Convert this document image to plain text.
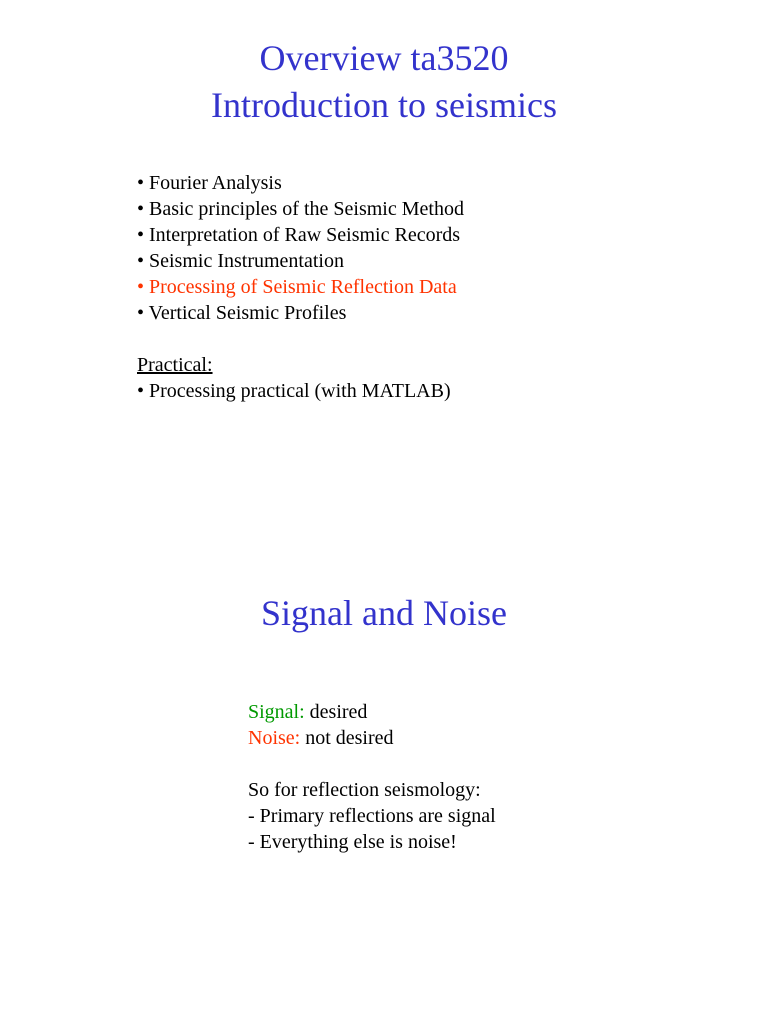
Overview ta3520
Introduction to seismics
• Fourier Analysis
• Basic principles of the Seismic Method
• Interpretation of Raw Seismic Records
• Seismic Instrumentation
• Processing of Seismic Reflection Data
• Vertical Seismic Profiles
Practical:
• Processing practical (with MATLAB)
Signal and Noise
Signal: desired
Noise: not desired
So for reflection seismology:
- Primary reflections are signal
- Everything else is noise!
